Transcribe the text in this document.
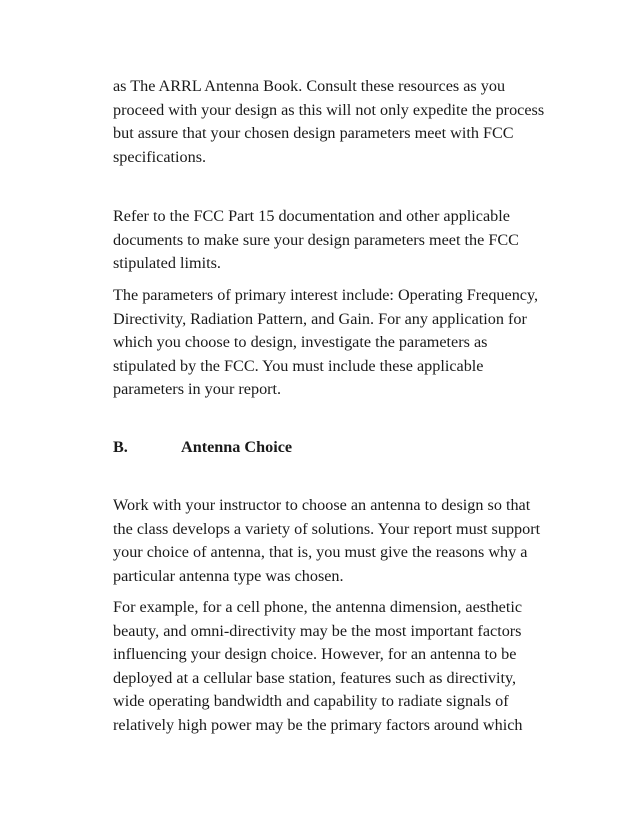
as The ARRL Antenna Book. Consult these resources as you
proceed with your design as this will not only expedite the process
but assure that your chosen design parameters meet with FCC
specifications.
Refer to the FCC Part 15 documentation and other applicable
documents to make sure your design parameters meet the FCC
stipulated limits.
The parameters of primary interest include: Operating Frequency,
Directivity, Radiation Pattern, and Gain. For any application for
which you choose to design, investigate the parameters as
stipulated by the FCC. You must include these applicable
parameters in your report.
B.	Antenna Choice
Work with your instructor to choose an antenna to design so that
the class develops a variety of solutions. Your report must support
your choice of antenna, that is, you must give the reasons why a
particular antenna type was chosen.
For example, for a cell phone, the antenna dimension, aesthetic
beauty, and omni-directivity may be the most important factors
influencing your design choice. However, for an antenna to be
deployed at a cellular base station, features such as directivity,
wide operating bandwidth and capability to radiate signals of
relatively high power may be the primary factors around which
